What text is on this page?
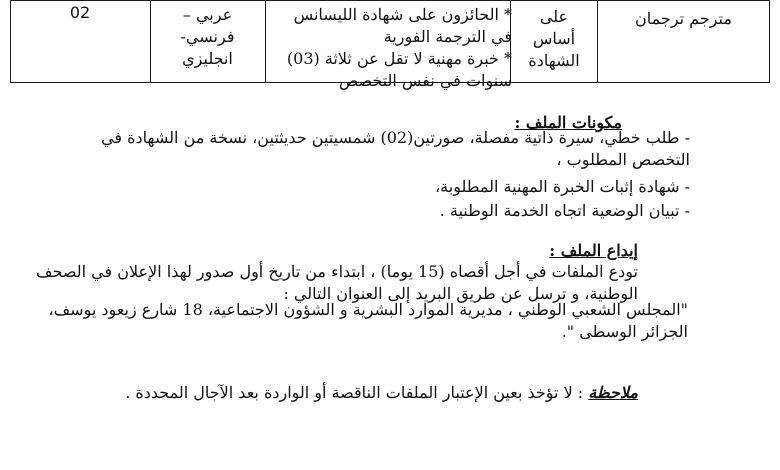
مترجم ترجمان
على أساس الشهادة
* الحائزون على شهادة الليسانس في الترجمة الفورية
* خبرة مهنية لا تقل عن ثلاثة (03) سنوات في نفس التخصص
عربي – فرنسي- انجليزي
02
مكونات الملف :
- طلب خطي، سيرة ذاتية مفصلة، صورتين(02) شمسيتين حديثتين، نسخة من الشهادة في التخصص المطلوب ،
- شهادة إثبات الخبرة المهنية المطلوبة،
- تبيان الوضعية اتجاه الخدمة الوطنية .
إيداع الملف :
تودع الملفات في أجل أقصاه (15 يوما) ، ابتداء من تاريخ أول صدور لهذا الإعلان في الصحف الوطنية، و ترسل عن طريق البريد إلى العنوان التالي :
"المجلس الشعبي الوطني ، مديرية الموارد البشرية و الشؤون الاجتماعية، 18 شارع زيعود يوسف، الجزائر الوسطى ".
ملاحظة : لا تؤخذ بعين الإعتبار الملفات الناقصة أو الواردة بعد الآجال المحددة .
